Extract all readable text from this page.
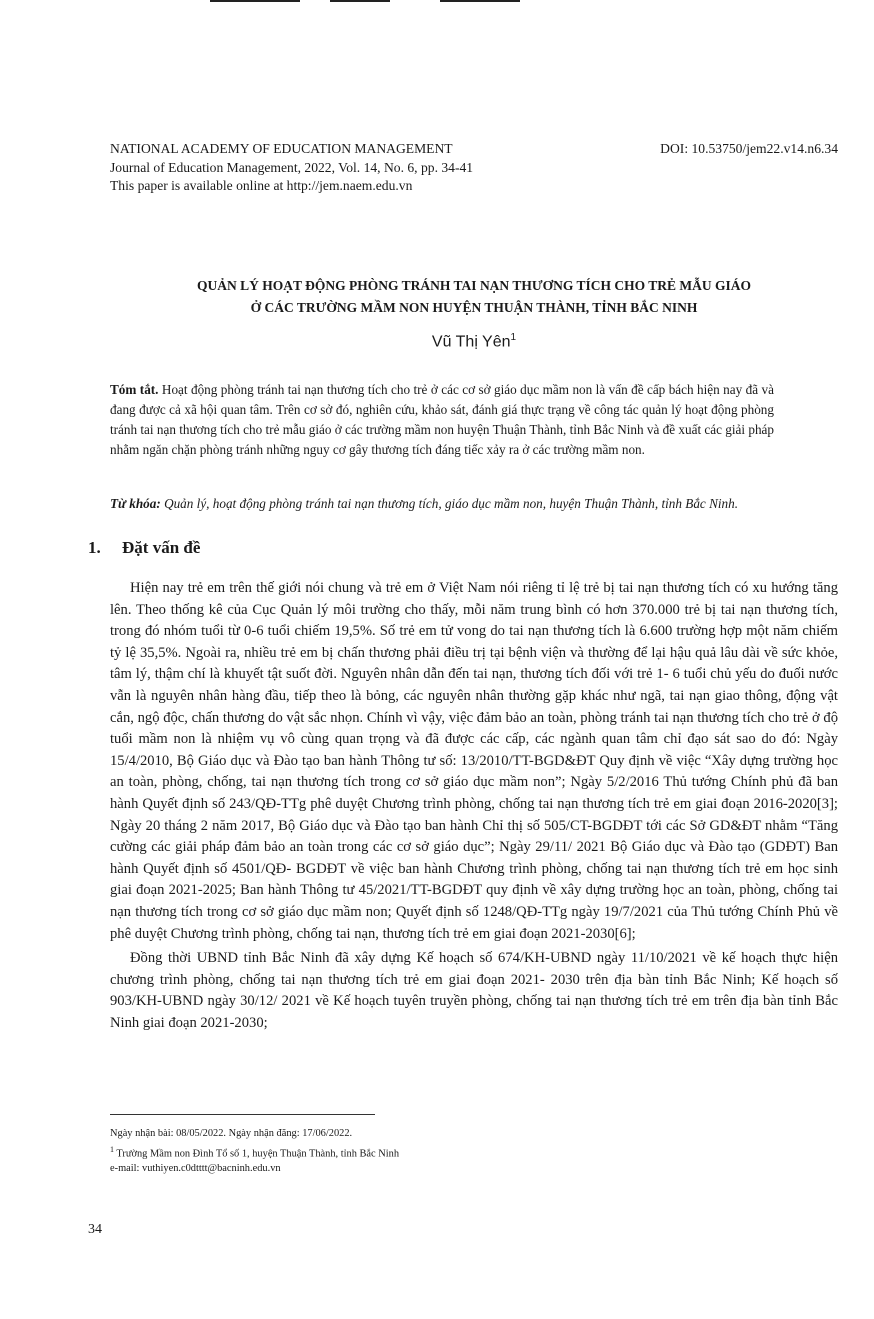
NATIONAL ACADEMY OF EDUCATION MANAGEMENT
Journal of Education Management, 2022, Vol. 14, No. 6, pp. 34-41
This paper is available online at http://jem.naem.edu.vn
DOI: 10.53750/jem22.v14.n6.34
QUẢN LÝ HOẠT ĐỘNG PHÒNG TRÁNH TAI NẠN THƯƠNG TÍCH CHO TRẺ MẪU GIÁO
Ở CÁC TRƯỜNG MẦM NON HUYỆN THUẬN THÀNH, TỈNH BẮC NINH
Vũ Thị Yên$^1$

Tóm tắt. Hoạt động phòng tránh tai nạn thương tích cho trẻ ở các cơ sở giáo dục mầm non là vấn đề cấp bách hiện nay đã và đang được cả xã hội quan tâm. Trên cơ sở đó, nghiên cứu, khảo sát, đánh giá thực trạng về công tác quản lý hoạt động phòng tránh tai nạn thương tích cho trẻ mẫu giáo ở các trường mầm non huyện Thuận Thành, tỉnh Bắc Ninh và đề xuất các giải pháp nhằm ngăn chặn phòng tránh những nguy cơ gây thương tích đáng tiếc xảy ra ở các trường mầm non.

Từ khóa: Quản lý, hoạt động phòng tránh tai nạn thương tích, giáo dục mầm non, huyện Thuận Thành, tỉnh Bắc Ninh.

1. Đặt vấn đề

Hiện nay trẻ em trên thế giới nói chung và trẻ em ở Việt Nam nói riêng tỉ lệ trẻ bị tai nạn thương tích có xu hướng tăng lên. Theo thống kê của Cục Quản lý môi trường cho thấy, mỗi năm trung bình có hơn 370.000 trẻ bị tai nạn thương tích, trong đó nhóm tuổi từ 0-6 tuổi chiếm 19,5%. Số trẻ em tử vong do tai nạn thương tích là 6.600 trường hợp một năm chiếm tỷ lệ 35,5%. Ngoài ra, nhiều trẻ em bị chấn thương phải điều trị tại bệnh viện và thường để lại hậu quả lâu dài về sức khỏe, tâm lý, thậm chí là khuyết tật suốt đời. Nguyên nhân dẫn đến tai nạn, thương tích đối với trẻ 1- 6 tuổi chủ yếu do đuối nước vẫn là nguyên nhân hàng đầu, tiếp theo là bỏng, các nguyên nhân thường gặp khác như ngã, tai nạn giao thông, động vật cắn, ngộ độc, chấn thương do vật sắc nhọn. Chính vì vậy, việc đảm bảo an toàn, phòng tránh tai nạn thương tích cho trẻ ở độ tuổi mầm non là nhiệm vụ vô cùng quan trọng và đã được các cấp, các ngành quan tâm chỉ đạo sát sao do đó: Ngày 15/4/2010, Bộ Giáo dục và Đào tạo ban hành Thông tư số: 13/2010/TT-BGD&ĐT Quy định về việc “Xây dựng trường học an toàn, phòng, chống, tai nạn thương tích trong cơ sở giáo dục mầm non”; Ngày 5/2/2016 Thủ tướng Chính phủ đã ban hành Quyết định số 243/QĐ-TTg phê duyệt Chương trình phòng, chống tai nạn thương tích trẻ em giai đoạn 2016-2020[3]; Ngày 20 tháng 2 năm 2017, Bộ Giáo dục và Đào tạo ban hành Chỉ thị số 505/CT-BGDĐT tới các Sở GD&ĐT nhằm “Tăng cường các giải pháp đảm bảo an toàn trong các cơ sở giáo dục”; Ngày 29/11/ 2021 Bộ Giáo dục và Đào tạo (GDĐT) Ban hành Quyết định số 4501/QĐ- BGDĐT về việc ban hành Chương trình phòng, chống tai nạn thương tích trẻ em học sinh giai đoạn 2021-2025; Ban hành Thông tư 45/2021/TT-BGDĐT quy định về xây dựng trường học an toàn, phòng, chống tai nạn thương tích trong cơ sở giáo dục mầm non; Quyết định số 1248/QĐ-TTg ngày 19/7/2021 của Thủ tướng Chính Phủ về phê duyệt Chương trình phòng, chống tai nạn, thương tích trẻ em giai đoạn 2021-2030[6];

Đồng thời UBND tỉnh Bắc Ninh đã xây dựng Kế hoạch số 674/KH-UBND ngày 11/10/2021 về kế hoạch thực hiện chương trình phòng, chống tai nạn thương tích trẻ em giai đoạn 2021- 2030 trên địa bàn tỉnh Bắc Ninh; Kế hoạch số 903/KH-UBND ngày 30/12/ 2021 về Kế hoạch tuyên truyền phòng, chống tai nạn thương tích trẻ em trên địa bàn tỉnh Bắc Ninh giai đoạn 2021-2030;

Ngày nhận bài: 08/05/2022. Ngày nhận đăng: 17/06/2022.
$^1$ Trường Mầm non Đình Tổ số 1, huyện Thuận Thành, tỉnh Bắc Ninh
e-mail: vuthiyen.c0dtttt@bacninh.edu.vn
34
